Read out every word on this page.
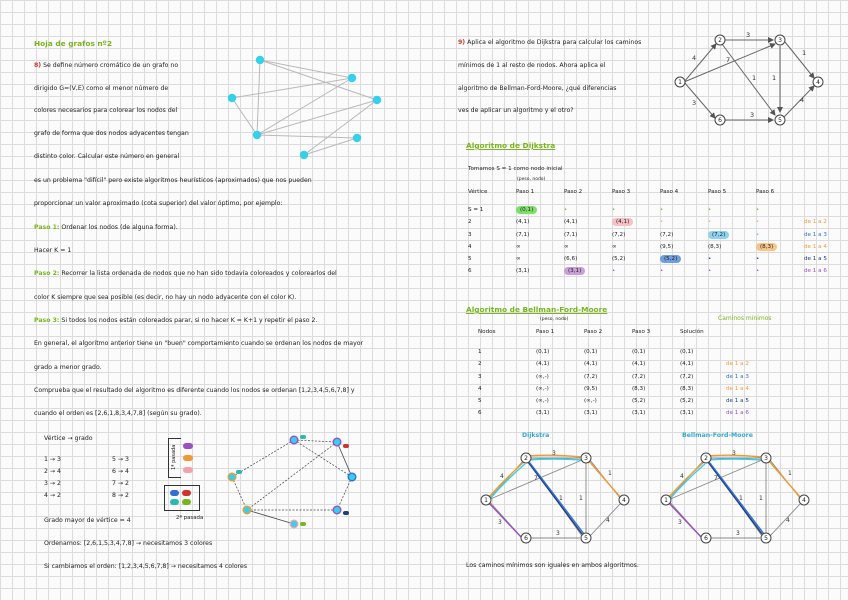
Hoja de grafos nº2
8) Se define número cromático de un grafo no
dirigido G=(V,E) como el menor número de
colores necesarios para colorear los nodos del
grafo de forma que dos nodos adyacentes tengan
distinto color. Calcular este número en general
es un problema "difícil" pero existe algoritmos heurísticos (aproximados) que nos pueden
proporcionar un valor aproximado (cota superior) del valor óptimo, por ejemplo:
Paso 1: Ordenar los nodos (de alguna forma).
Hacer K = 1
Paso 2: Recorrer la lista ordenada de nodos que no han sido todavía coloreados y colorearlos del
color K siempre que sea posible (es decir, no hay un nodo adyacente con el color K).
Paso 3: Si todos los nodos están coloreados parar, si no hacer K = K+1 y repetir el paso 2.
En general, el algoritmo anterior tiene un "buen" comportamiento cuando se ordenan los nodos de mayor
grado a menor grado.
Comprueba que el resultado del algoritmo es diferente cuando los nodos se ordenan [1,2,3,4,5,6,7,8] y
cuando el orden es [2,6,1,8,3,4,7,8] (según su grado).
Vértice → grado
1 → 3
2 → 4
3 → 2
4 → 2
5 → 3
6 → 4
7 → 2
8 → 2
1ª pasada
2ª pasada
Grado mayor de vértice = 4
Ordenamos: [2,6,1,5,3,4,7,8] → necesitamos 3 colores
Si cambiamos el orden: [1,2,3,4,5,6,7,8] → necesitamos 4 colores
9) Aplica el algoritmo de Dijkstra para calcular los caminos
mínimos de 1 al resto de nodos. Ahora aplica el
algoritmo de Bellman-Ford-Moore, ¿qué diferencias
ves de aplicar un algoritmo y el otro?
4
3
7
1 1
1
3
3
4
1
2	3
4
5
6
Algoritmo de Dijkstra
Tomamos S = 1 como nodo inicial
(peso, nodo)
Vértice	Paso 1	Paso 2	Paso 3	Paso 4	Paso 5	Paso 6	

S = 1	(0,1)	•	•	•	•	•	
2	(4,1)	(4,1)	(4,1)	•	•	•	de 1 a 2
3	(7,1)	(7,1)	(7,2)	(7,2)	(7,2)	•	de 1 a 3
4	∞	∞	∞	(9,5)	(8,3)	(8,3)	de 1 a 4
5	∞	(6,6)	(5,2)	(5,2)	•	•	de 1 a 5
6	(3,1)	(3,1)	•	•	•	•	de 1 a 6
Algoritmo de Bellman-Ford-Moore
Caminos mínimos
(peso, nodo)
Nodos	Paso 1	Paso 2	Paso 3	Solución	

1	(0,1)	(0,1)	(0,1)	(0,1)	
2	(4,1)	(4,1)	(4,1)	(4,1)	de 1 a 2
3	(∞,-)	(7,2)	(7,2)	(7,2)	de 1 a 3
4	(∞,-)	(9,5)	(8,3)	(8,3)	de 1 a 4
5	(∞,-)	(∞,-)	(5,2)	(5,2)	de 1 a 5
6	(3,1)	(3,1)	(3,1)	(3,1)	de 1 a 6
Dijkstra	Bellman-Ford-Moore
4
3
7
1	1
1
3
3
4
1
2	3
4
5
6
4
3
7
1	1
1
3
3
4
1
2	3
4
5
6
Los caminos mínimos son iguales en ambos algoritmos.
